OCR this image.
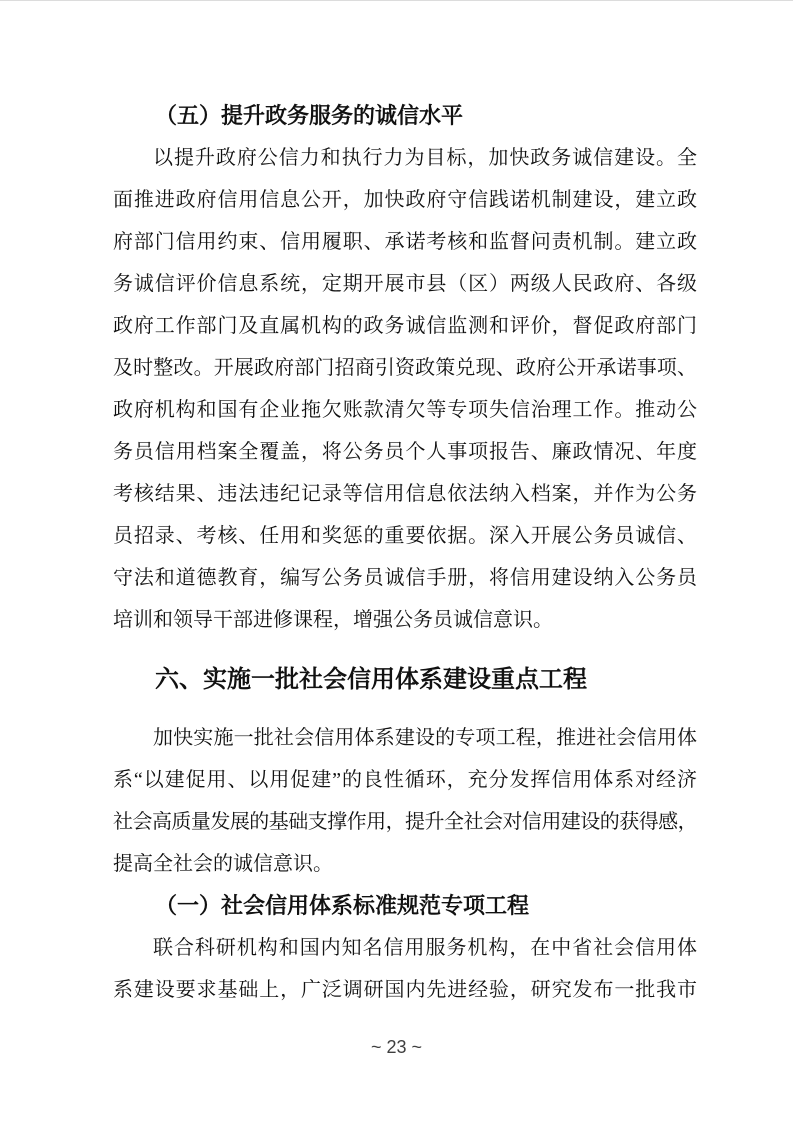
（五）提升政务服务的诚信水平
以提升政府公信力和执行力为目标，加快政务诚信建设。全
面推进政府信用信息公开，加快政府守信践诺机制建设，建立政
府部门信用约束、信用履职、承诺考核和监督问责机制。建立政
务诚信评价信息系统，定期开展市县（区）两级人民政府、各级
政府工作部门及直属机构的政务诚信监测和评价，督促政府部门
及时整改。开展政府部门招商引资政策兑现、政府公开承诺事项、
政府机构和国有企业拖欠账款清欠等专项失信治理工作。推动公
务员信用档案全覆盖，将公务员个人事项报告、廉政情况、年度
考核结果、违法违纪记录等信用信息依法纳入档案，并作为公务
员招录、考核、任用和奖惩的重要依据。深入开展公务员诚信、
守法和道德教育，编写公务员诚信手册，将信用建设纳入公务员
培训和领导干部进修课程，增强公务员诚信意识。
六、实施一批社会信用体系建设重点工程
加快实施一批社会信用体系建设的专项工程，推进社会信用体
系“以建促用、以用促建”的良性循环，充分发挥信用体系对经济
社会高质量发展的基础支撑作用，提升全社会对信用建设的获得感，
提高全社会的诚信意识。
（一）社会信用体系标准规范专项工程
联合科研机构和国内知名信用服务机构，在中省社会信用体
系建设要求基础上，广泛调研国内先进经验，研究发布一批我市
~ 23 ~
